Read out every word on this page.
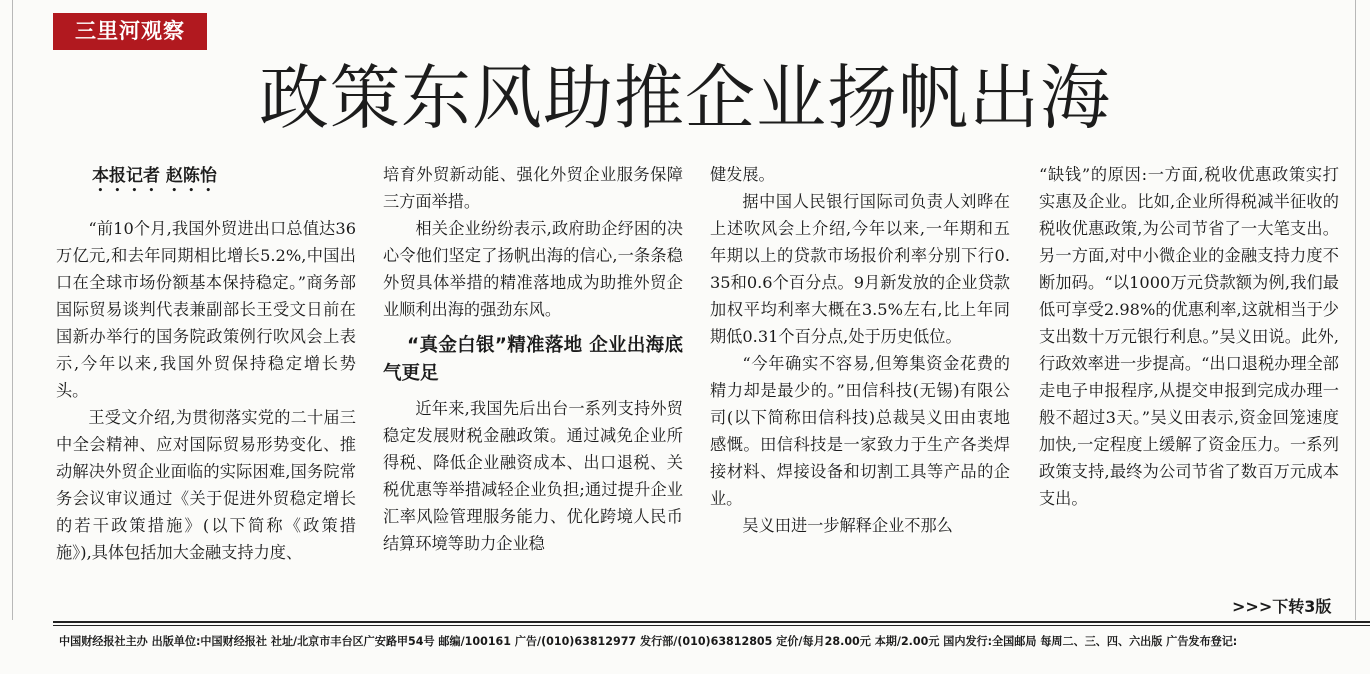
三里河观察
政策东风助推企业扬帆出海
本报记者 赵陈怡

“前10个月,我国外贸进出口总值达36万亿元,和去年同期相比增长5.2%,中国出口在全球市场份额基本保持稳定。”商务部国际贸易谈判代表兼副部长王受文日前在国新办举行的国务院政策例行吹风会上表示,今年以来,我国外贸保持稳定增长势头。

王受文介绍,为贯彻落实党的二十届三中全会精神、应对国际贸易形势变化、推动解决外贸企业面临的实际困难,国务院常务会议审议通过《关于促进外贸稳定增长的若干政策措施》(以下简称《政策措施》),具体包括加大金融支持力度、

培育外贸新动能、强化外贸企业服务保障三方面举措。

相关企业纷纷表示,政府助企纾困的决心令他们坚定了扬帆出海的信心,一条条稳外贸具体举措的精准落地成为助推外贸企业顺利出海的强劲东风。

“真金白银”精准落地 企业出海底气更足

近年来,我国先后出台一系列支持外贸稳定发展财税金融政策。通过减免企业所得税、降低企业融资成本、出口退税、关税优惠等举措减轻企业负担;通过提升企业汇率风险管理服务能力、优化跨境人民币结算环境等助力企业稳

健发展。

据中国人民银行国际司负责人刘晔在上述吹风会上介绍,今年以来,一年期和五年期以上的贷款市场报价利率分别下行0.35和0.6个百分点。9月新发放的企业贷款加权平均利率大概在3.5%左右,比上年同期低0.31个百分点,处于历史低位。

“今年确实不容易,但筹集资金花费的精力却是最少的。”田信科技(无锡)有限公司(以下简称田信科技)总裁吴义田由衷地感慨。田信科技是一家致力于生产各类焊接材料、焊接设备和切割工具等产品的企业。

吴义田进一步解释企业不那么

“缺钱”的原因:一方面,税收优惠政策实打实惠及企业。比如,企业所得税减半征收的税收优惠政策,为公司节省了一大笔支出。另一方面,对中小微企业的金融支持力度不断加码。“以1000万元贷款额为例,我们最低可享受2.98%的优惠利率,这就相当于少支出数十万元银行利息。”吴义田说。此外,行政效率进一步提高。“出口退税办理全部走电子申报程序,从提交申报到完成办理一般不超过3天。”吴义田表示,资金回笼速度加快,一定程度上缓解了资金压力。一系列政策支持,最终为公司节省了数百万元成本支出。

>>>下转3版
中国财经报社主办 出版单位:中国财经报社 社址/北京市丰台区广安路甲54号 邮编/100161 广告/(010)63812977 发行部/(010)63812805 定价/每月28.00元 本期/2.00元 国内发行:全国邮局 每周二、三、四、六出版 广告发布登记:
